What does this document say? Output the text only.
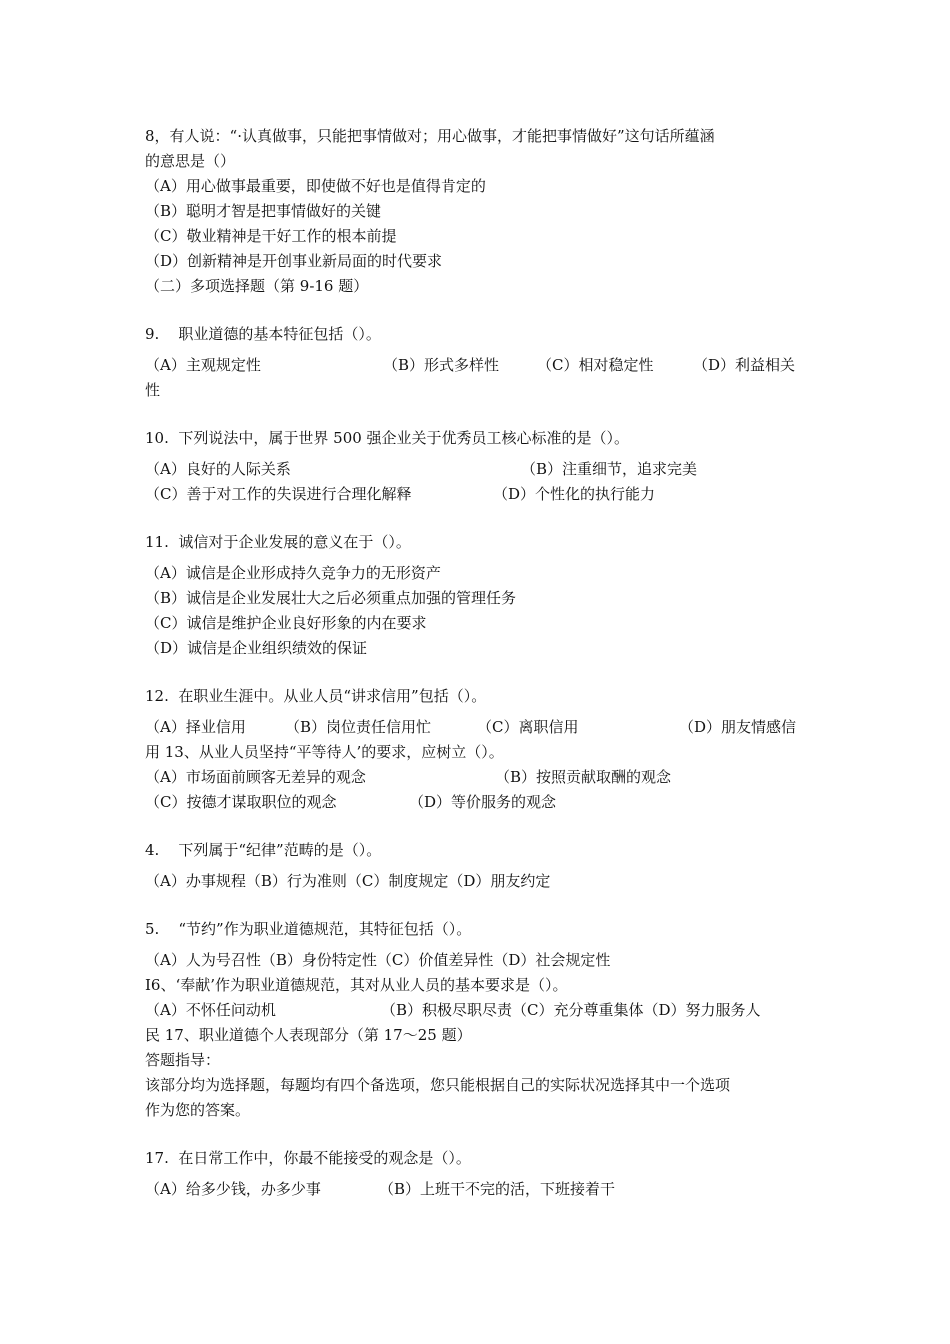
8，有人说：“·认真做事，只能把事情做对；用心做事，才能把事情做好”这句话所蕴涵
的意思是（）
（A）用心做事最重要，即使做不好也是值得肯定的
（B）聪明才智是把事情做好的关键
（C）敬业精神是干好工作的根本前提
（D）创新精神是开创事业新局面的时代要求
（二）多项选择题（第 9-16 题）
9.    职业道德的基本特征包括（）。
（A）主观规定性	（B）形式多样性	（C）相对稳定性	（D）利益相关
性
10.  下列说法中，属于世界 500 强企业关于优秀员工核心标准的是（）。
（A）良好的人际关系	（B）注重细节，追求完美
（C）善于对工作的失误进行合理化解释	（D）个性化的执行能力
11.  诚信对于企业发展的意义在于（）。
（A）诚信是企业形成持久竞争力的无形资产
（B）诚信是企业发展壮大之后必须重点加强的管理任务
（C）诚信是维护企业良好形象的内在要求
（D）诚信是企业组织绩效的保证
12.  在职业生涯中。从业人员“讲求信用”包括（）。
（A）择业信用	（B）岗位责任信用忙	（C）离职信用	（D）朋友情感信
用 13、从业人员坚持“平等待人’的要求，应树立（）。
（A）市场面前顾客无差异的观念	（B）按照贡献取酬的观念
（C）按德才谋取职位的观念	（D）等价服务的观念
4.    下列属于“纪律”范畴的是（）。
（A）办事规程（B）行为准则（C）制度规定（D）朋友约定
5.    “节约”作为职业道德规范，其特征包括（）。
（A）人为号召性（B）身份特定性（C）价值差异性（D）社会规定性
I6、‘奉献’作为职业道德规范，其对从业人员的基本要求是（）。
（A）不怀任问动机	（B）积极尽职尽责（C）充分尊重集体（D）努力服务人
民 17、职业道德个人表现部分（第 17～25 题）
答题指导：
该部分均为选择题，每题均有四个备选项，您只能根据自己的实际状况选择其中一个选项
作为您的答案。
17.  在日常工作中，你最不能接受的观念是（）。
（A）给多少钱，办多少事	（B）上班干不完的活，下班接着干
